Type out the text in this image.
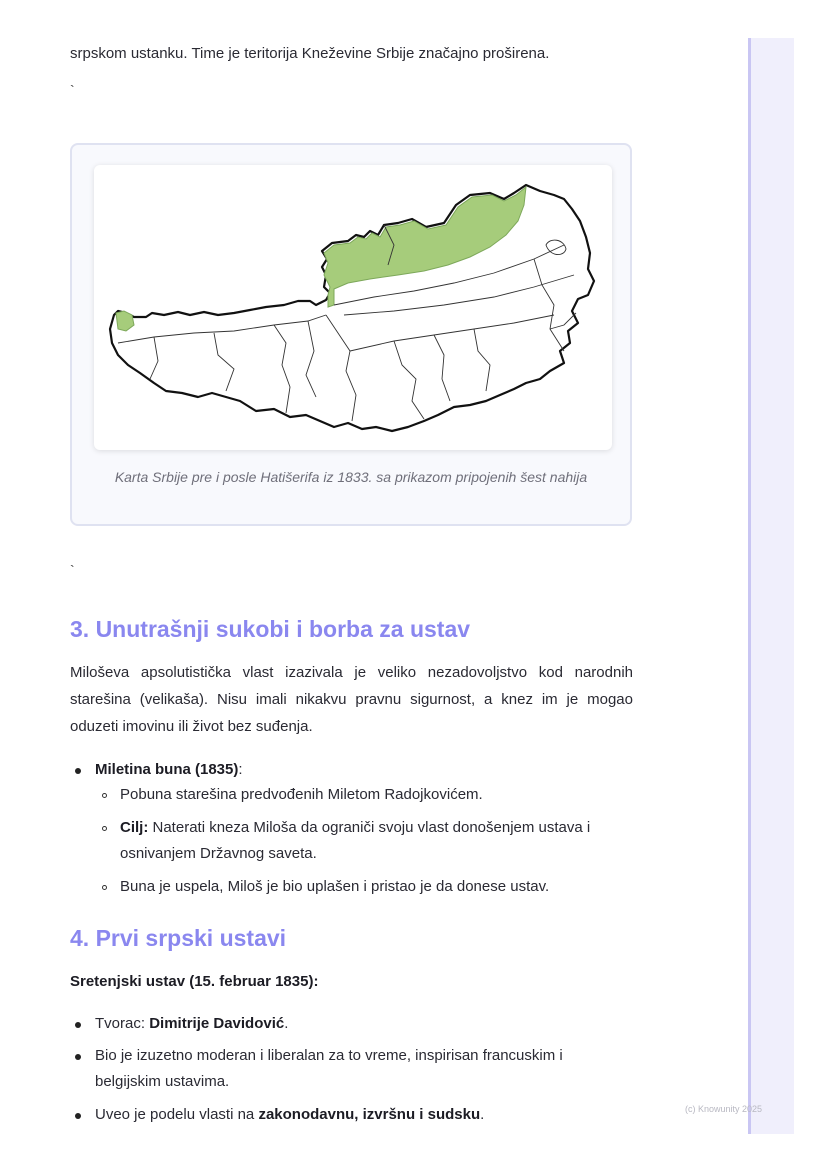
(c) Knowunity 2025

srpskom ustanku. Time je teritorija Kneževine Srbije značajno proširena.

`
Karta Srbije pre i posle Hatišerifa iz 1833. sa prikazom pripojenih šest nahija
`
3. Unutrašnji sukobi i borba za ustav

Miloševa apsolutistička vlast izazivala je veliko nezadovoljstvo kod narodnih starešina (velikaša). Nisu imali nikakvu pravnu sigurnost, a knez im je mogao oduzeti imovinu ili život bez suđenja.

Miletina buna (1835):
Pobuna starešina predvođenih Miletom Radojkovićem.
Cilj: Naterati kneza Miloša da ograniči svoju vlast donošenjem ustava i
osnivanjem Državnog saveta.
Buna je uspela, Miloš je bio uplašen i pristao je da donese ustav.
4. Prvi srpski ustavi
Sretenjski ustav (15. februar 1835):
Tvorac: Dimitrije Davidović.
Bio je izuzetno moderan i liberalan za to vreme, inspirisan francuskim i
belgijskim ustavima.
Uveo je podelu vlasti na zakonodavnu, izvršnu i sudsku.
